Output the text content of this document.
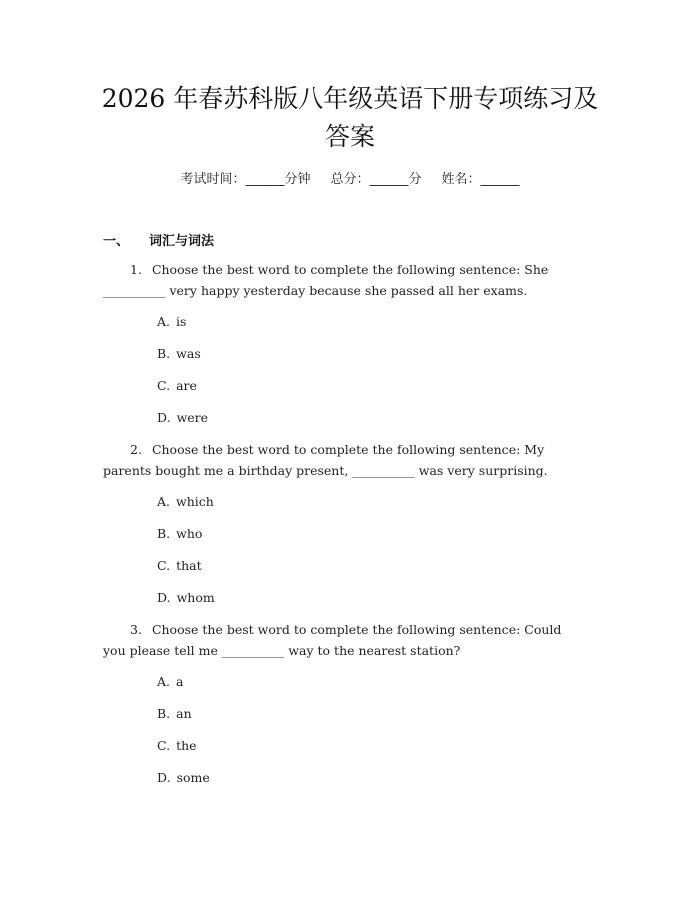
2026 年春苏科版八年级英语下册专项练习及
答案
考试时间：______分钟 总分：______分 姓名：______
一、 词汇与词法
1. Choose the best word to complete the following sentence: She
__________ very happy yesterday because she passed all her exams.
A. is
B. was
C. are
D. were
2. Choose the best word to complete the following sentence: My
parents bought me a birthday present, __________ was very surprising.
A. which
B. who
C. that
D. whom
3. Choose the best word to complete the following sentence: Could
you please tell me __________ way to the nearest station?
A. a
B. an
C. the
D. some
